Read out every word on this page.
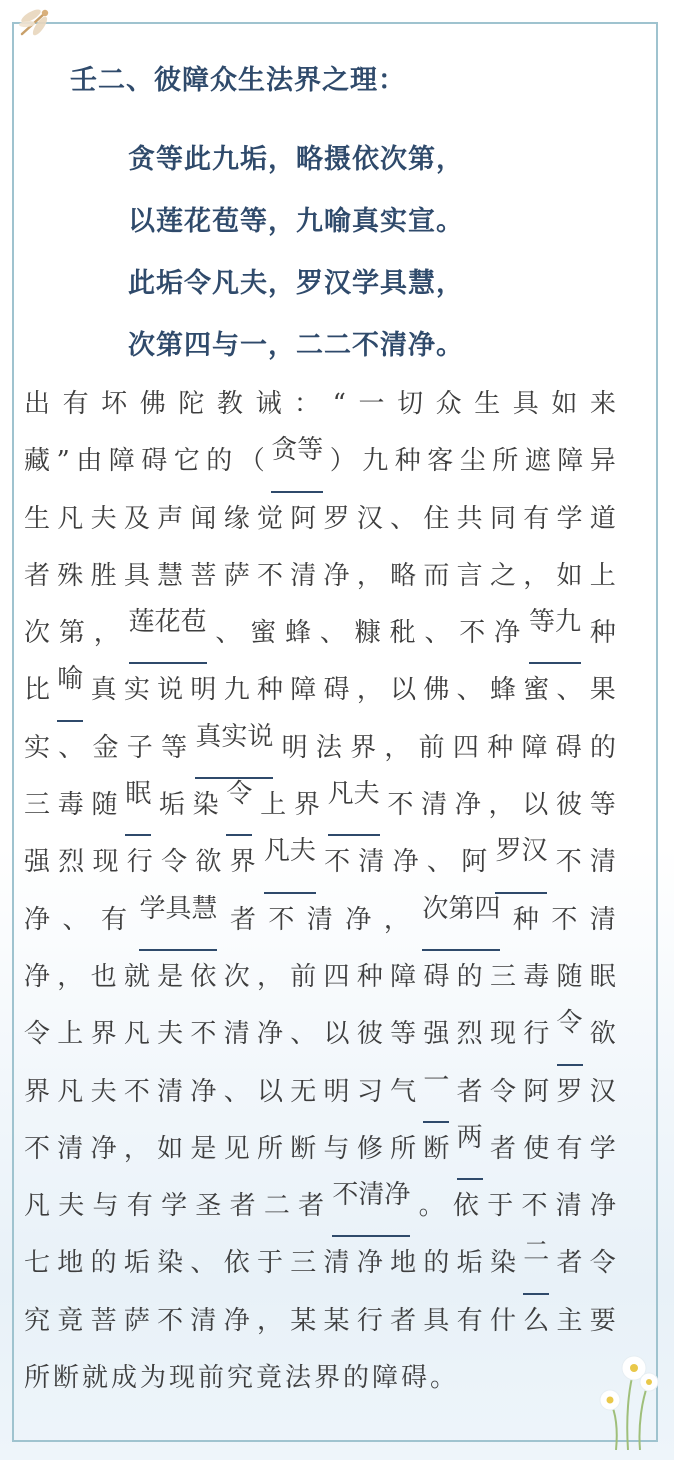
壬二、彼障众生法界之理：
贪等此九垢，略摄依次第，
以莲花苞等，九喻真实宣。
此垢令凡夫，罗汉学具慧，
次第四与一，二二不清净。
出 有 坏 佛 陀 教 诫 ： “ 一 切 众 生 具 如 来
藏 ” 由 障 碍 它 的 （ 贪等 ） 九 种 客 尘 所 遮 障 异
生 凡 夫 及 声 闻 缘 觉 阿 罗 汉 、 住 共 同 有 学 道
者 殊 胜 具 慧 菩 萨 不 清 净 ， 略 而 言 之 ， 如 上
次 第 ， 莲花苞 、 蜜 蜂 、 糠 秕 、 不 净 等九 种
比 喻 真 实 说 明 九 种 障 碍 ， 以 佛 、 蜂 蜜 、 果
实 、 金 子 等 真实说 明 法 界 ， 前 四 种 障 碍 的
三 毒 随 眠 垢 染 令 上 界 凡夫 不 清 净 ， 以 彼 等
强 烈 现 行 令 欲 界 凡夫 不 清 净 、 阿 罗汉 不 清
净 、 有 学具慧 者 不 清 净 ， 次第四 种 不 清
净 ， 也 就 是 依 次 ， 前 四 种 障 碍 的 三 毒 随 眠
令 上 界 凡 夫 不 清 净 、 以 彼 等 强 烈 现 行 令 欲
界 凡 夫 不 清 净 、 以 无 明 习 气 一 者 令 阿 罗 汉
不 清 净 ， 如 是 见 所 断 与 修 所 断 两 者 使 有 学
凡 夫 与 有 学 圣 者 二 者 不清净 。 依 于 不 清 净
七 地 的 垢 染 、 依 于 三 清 净 地 的 垢 染 二 者 令
究 竟 菩 萨 不 清 净 ， 某 某 行 者 具 有 什 么 主 要
所断就成为现前究竟法界的障碍。
